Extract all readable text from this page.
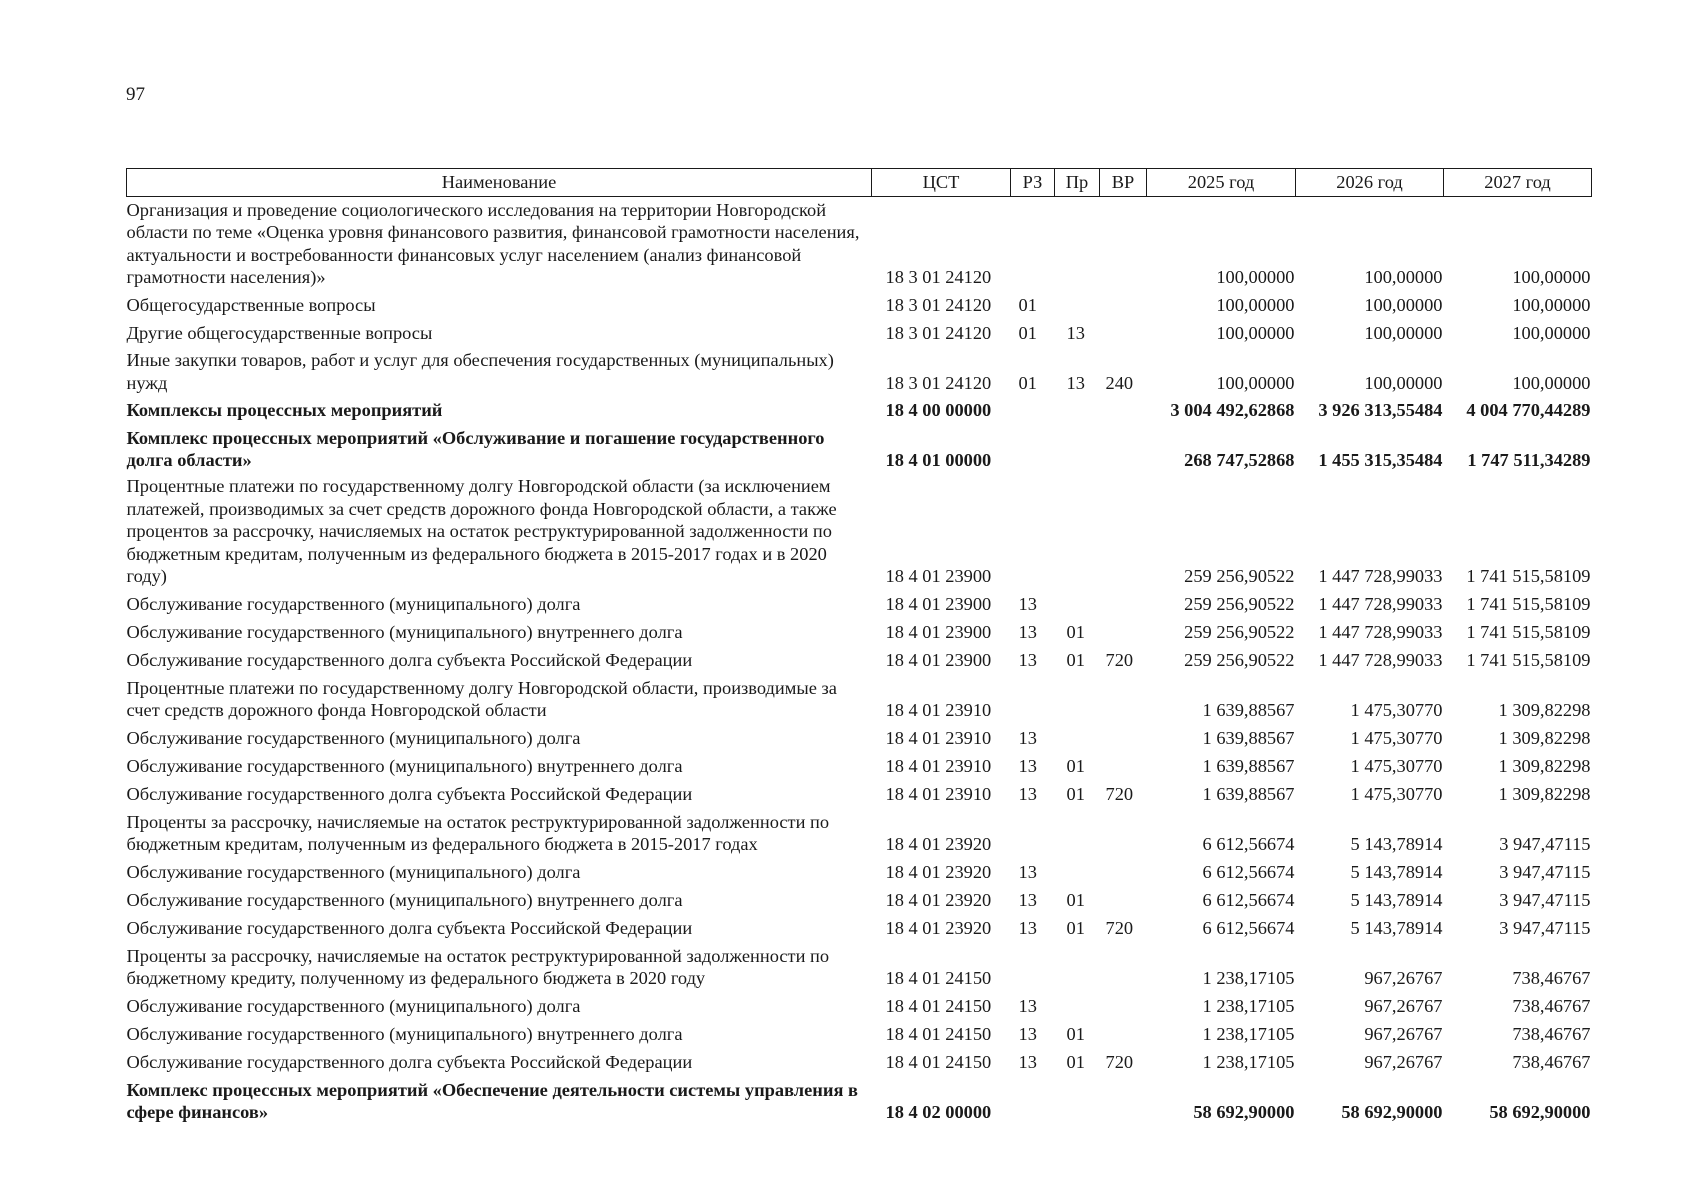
97
Наименование	ЦСТ	РЗ	Пр	ВР	2025 год	2026 год	2027 год
Организация и проведение социологического исследования на территории Новгородской области по теме «Оценка уровня финансового развития, финансовой грамотности населения, актуальности и востребованности финансовых услуг населением (анализ финансовой грамотности населения)»	18 3 01 24120				100,00000	100,00000	100,00000
Общегосударственные вопросы	18 3 01 24120	01			100,00000	100,00000	100,00000
Другие общегосударственные вопросы	18 3 01 24120	01	13		100,00000	100,00000	100,00000
Иные закупки товаров, работ и услуг для обеспечения государственных (муниципальных) нужд	18 3 01 24120	01	13	240	100,00000	100,00000	100,00000
Комплексы процессных мероприятий	18 4 00 00000				3 004 492,62868	3 926 313,55484	4 004 770,44289
Комплекс процессных мероприятий «Обслуживание и погашение государственного долга области»	18 4 01 00000				268 747,52868	1 455 315,35484	1 747 511,34289
Процентные платежи по государственному долгу Новгородской области (за исключением платежей, производимых за счет средств дорожного фонда Новгородской области, а также процентов за рассрочку, начисляемых на остаток реструктурированной задолженности по бюджетным кредитам, полученным из федерального бюджета в 2015-2017 годах и в 2020 году)	18 4 01 23900				259 256,90522	1 447 728,99033	1 741 515,58109
Обслуживание государственного (муниципального) долга	18 4 01 23900	13			259 256,90522	1 447 728,99033	1 741 515,58109
Обслуживание государственного (муниципального) внутреннего долга	18 4 01 23900	13	01		259 256,90522	1 447 728,99033	1 741 515,58109
Обслуживание государственного долга субъекта Российской Федерации	18 4 01 23900	13	01	720	259 256,90522	1 447 728,99033	1 741 515,58109
Процентные платежи по государственному долгу Новгородской области, производимые за счет средств дорожного фонда Новгородской области	18 4 01 23910				1 639,88567	1 475,30770	1 309,82298
Обслуживание государственного (муниципального) долга	18 4 01 23910	13			1 639,88567	1 475,30770	1 309,82298
Обслуживание государственного (муниципального) внутреннего долга	18 4 01 23910	13	01		1 639,88567	1 475,30770	1 309,82298
Обслуживание государственного долга субъекта Российской Федерации	18 4 01 23910	13	01	720	1 639,88567	1 475,30770	1 309,82298
Проценты за рассрочку, начисляемые на остаток реструктурированной задолженности по бюджетным кредитам, полученным из федерального бюджета в 2015-2017 годах	18 4 01 23920				6 612,56674	5 143,78914	3 947,47115
Обслуживание государственного (муниципального) долга	18 4 01 23920	13			6 612,56674	5 143,78914	3 947,47115
Обслуживание государственного (муниципального) внутреннего долга	18 4 01 23920	13	01		6 612,56674	5 143,78914	3 947,47115
Обслуживание государственного долга субъекта Российской Федерации	18 4 01 23920	13	01	720	6 612,56674	5 143,78914	3 947,47115
Проценты за рассрочку, начисляемые на остаток реструктурированной задолженности по бюджетному кредиту, полученному из федерального бюджета в 2020 году	18 4 01 24150				1 238,17105	967,26767	738,46767
Обслуживание государственного (муниципального) долга	18 4 01 24150	13			1 238,17105	967,26767	738,46767
Обслуживание государственного (муниципального) внутреннего долга	18 4 01 24150	13	01		1 238,17105	967,26767	738,46767
Обслуживание государственного долга субъекта Российской Федерации	18 4 01 24150	13	01	720	1 238,17105	967,26767	738,46767
Комплекс процессных мероприятий «Обеспечение деятельности системы управления в сфере финансов»	18 4 02 00000				58 692,90000	58 692,90000	58 692,90000
